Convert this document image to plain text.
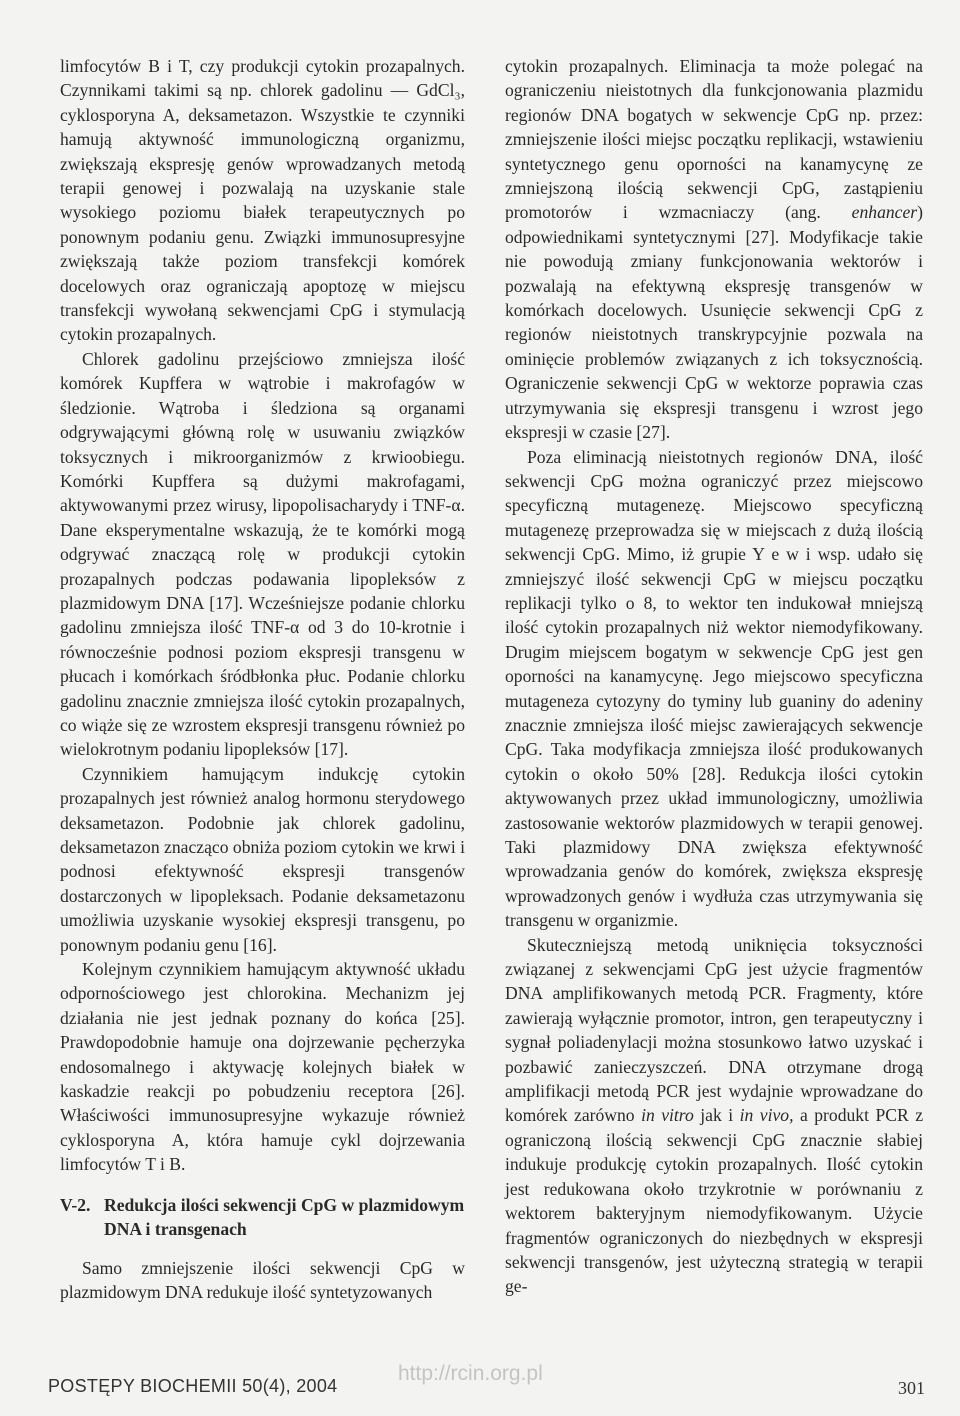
limfocytów B i T, czy produkcji cytokin prozapalnych. Czynnikami takimi są np. chlorek gadolinu — GdCl₃, cyklosporyna A, deksametazon. Wszystkie te czynniki hamują aktywność immunologiczną organizmu, zwiększają ekspresję genów wprowadzanych metodą terapii genowej i pozwalają na uzyskanie stale wysokiego poziomu białek terapeutycznych po ponownym podaniu genu. Związki immunosupresyjne zwiększają także poziom transfekcji komórek docelowych oraz ograniczają apoptozę w miejscu transfekcji wywołaną sekwencjami CpG i stymulacją cytokin prozapalnych.

Chlorek gadolinu przejściowo zmniejsza ilość komórek Kupffera w wątrobie i makrofagów w śledzionie. Wątroba i śledziona są organami odgrywającymi główną rolę w usuwaniu związków toksycznych i mikroorganizmów z krwioobiegu. Komórki Kupffera są dużymi makrofagami, aktywowanymi przez wirusy, lipopolisacharydy i TNF-α. Dane eksperymentalne wskazują, że te komórki mogą odgrywać znaczącą rolę w produkcji cytokin prozapalnych podczas podawania lipopleksów z plazmidowym DNA [17]. Wcześniejsze podanie chlorku gadolinu zmniejsza ilość TNF-α od 3 do 10-krotnie i równocześnie podnosi poziom ekspresji transgenu w płucach i komórkach śródbłonka płuc. Podanie chlorku gadolinu znacznie zmniejsza ilość cytokin prozapalnych, co wiąże się ze wzrostem ekspresji transgenu również po wielokrotnym podaniu lipopleksów [17].

Czynnikiem hamującym indukcję cytokin prozapalnych jest również analog hormonu sterydowego deksametazon. Podobnie jak chlorek gadolinu, deksametazon znacząco obniża poziom cytokin we krwi i podnosi efektywność ekspresji transgenów dostarczonych w lipopleksach. Podanie deksametazonu umożliwia uzyskanie wysokiej ekspresji transgenu, po ponownym podaniu genu [16].

Kolejnym czynnikiem hamującym aktywność układu odpornościowego jest chlorokina. Mechanizm jej działania nie jest jednak poznany do końca [25]. Prawdopodobnie hamuje ona dojrzewanie pęcherzyka endosomalnego i aktywację kolejnych białek w kaskadzie reakcji po pobudzeniu receptora [26]. Właściwości immunosupresyjne wykazuje również cyklosporyna A, która hamuje cykl dojrzewania limfocytów T i B.

V-2. Redukcja ilości sekwencji CpG w plazmidowym DNA i transgenach

Samo zmniejszenie ilości sekwencji CpG w plazmidowym DNA redukuje ilość syntetyzowanych

cytokin prozapalnych. Eliminacja ta może polegać na ograniczeniu nieistotnych dla funkcjonowania plazmidu regionów DNA bogatych w sekwencje CpG np. przez: zmniejszenie ilości miejsc początku replikacji, wstawieniu syntetycznego genu oporności na kanamycynę ze zmniejszoną ilością sekwencji CpG, zastąpieniu promotorów i wzmacniaczy (ang. enhancer) odpowiednikami syntetycznymi [27]. Modyfikacje takie nie powodują zmiany funkcjonowania wektorów i pozwalają na efektywną ekspresję transgenów w komórkach docelowych. Usunięcie sekwencji CpG z regionów nieistotnych transkrypcyjnie pozwala na ominięcie problemów związanych z ich toksycznością. Ograniczenie sekwencji CpG w wektorze poprawia czas utrzymywania się ekspresji transgenu i wzrost jego ekspresji w czasie [27].

Poza eliminacją nieistotnych regionów DNA, ilość sekwencji CpG można ograniczyć przez miejscowo specyficzną mutagenezę. Miejscowo specyficzną mutagenezę przeprowadza się w miejscach z dużą ilością sekwencji CpG. Mimo, iż grupie Y e w i wsp. udało się zmniejszyć ilość sekwencji CpG w miejscu początku replikacji tylko o 8, to wektor ten indukował mniejszą ilość cytokin prozapalnych niż wektor niemodyfikowany. Drugim miejscem bogatym w sekwencje CpG jest gen oporności na kanamycynę. Jego miejscowo specyficzna mutageneza cytozyny do tyminy lub guaniny do adeniny znacznie zmniejsza ilość miejsc zawierających sekwencje CpG. Taka modyfikacja zmniejsza ilość produkowanych cytokin o około 50% [28]. Redukcja ilości cytokin aktywowanych przez układ immunologiczny, umożliwia zastosowanie wektorów plazmidowych w terapii genowej. Taki plazmidowy DNA zwiększa efektywność wprowadzania genów do komórek, zwiększa ekspresję wprowadzonych genów i wydłuża czas utrzymywania się transgenu w organizmie.

Skuteczniejszą metodą uniknięcia toksyczności związanej z sekwencjami CpG jest użycie fragmentów DNA amplifikowanych metodą PCR. Fragmenty, które zawierają wyłącznie promotor, intron, gen terapeutyczny i sygnał poliadenylacji można stosunkowo łatwo uzyskać i pozbawić zanieczyszczeń. DNA otrzymane drogą amplifikacji metodą PCR jest wydajnie wprowadzane do komórek zarówno in vitro jak i in vivo, a produkt PCR z ograniczoną ilością sekwencji CpG znacznie słabiej indukuje produkcję cytokin prozapalnych. Ilość cytokin jest redukowana około trzykrotnie w porównaniu z wektorem bakteryjnym niemodyfikowanym. Użycie fragmentów ograniczonych do niezbędnych w ekspresji sekwencji transgenów, jest użyteczną strategią w terapii ge-

POSTĘPY BIOCHEMII 50(4), 2004
http://rcin.org.pl
301
